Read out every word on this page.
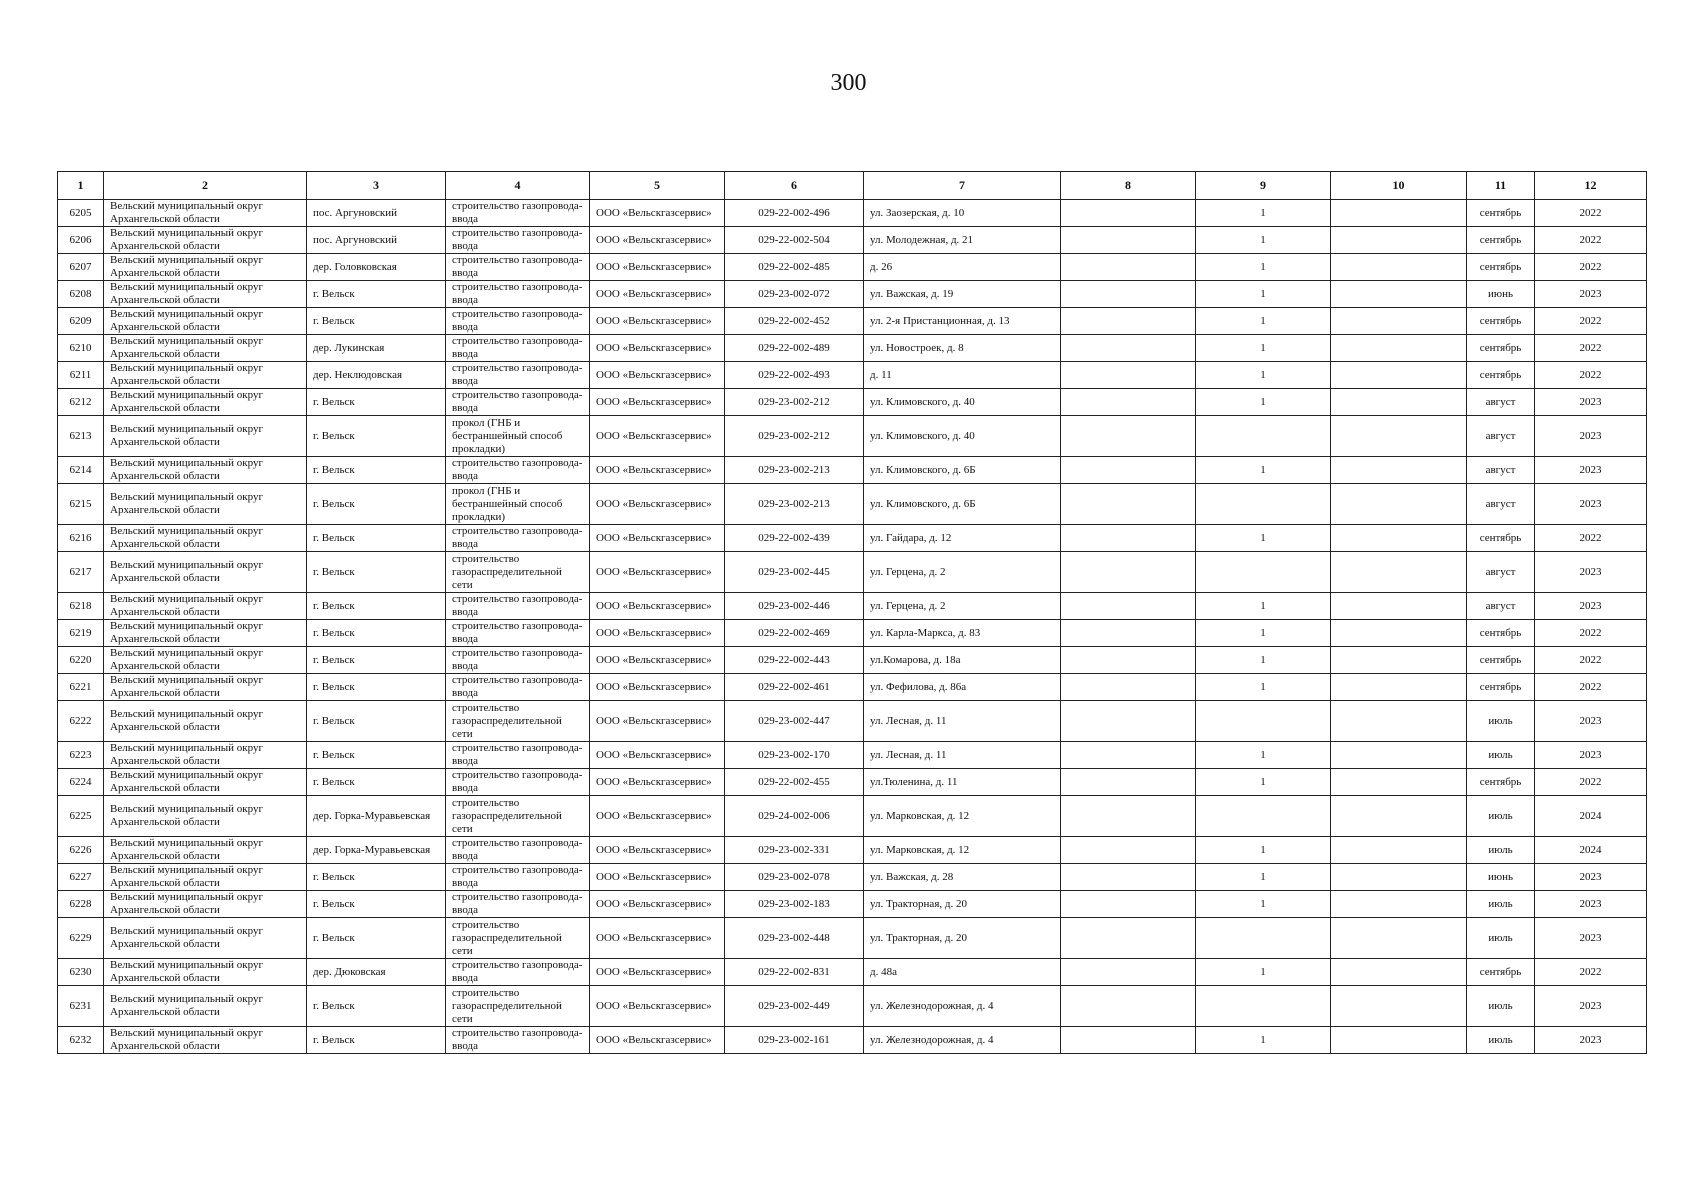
300
1	2	3	4	5	6	7	8	9	10	11	12
6205	Вельский муниципальный округ Архангельской области	пос. Аргуновский	строительство газопровода-ввода	ООО «Вельскгазсервис»	029-22-002-496	ул. Заозерская, д. 10		1		сентябрь	2022
6206	Вельский муниципальный округ Архангельской области	пос. Аргуновский	строительство газопровода-ввода	ООО «Вельскгазсервис»	029-22-002-504	ул. Молодежная, д. 21		1		сентябрь	2022
6207	Вельский муниципальный округ Архангельской области	дер. Головковская	строительство газопровода-ввода	ООО «Вельскгазсервис»	029-22-002-485	д. 26		1		сентябрь	2022
6208	Вельский муниципальный округ Архангельской области	г. Вельск	строительство газопровода-ввода	ООО «Вельскгазсервис»	029-23-002-072	ул. Важская, д. 19		1		июнь	2023
6209	Вельский муниципальный округ Архангельской области	г. Вельск	строительство газопровода-ввода	ООО «Вельскгазсервис»	029-22-002-452	ул. 2-я Пристанционная, д. 13		1		сентябрь	2022
6210	Вельский муниципальный округ Архангельской области	дер. Лукинская	строительство газопровода-ввода	ООО «Вельскгазсервис»	029-22-002-489	ул. Новостроек, д. 8		1		сентябрь	2022
6211	Вельский муниципальный округ Архангельской области	дер. Неклюдовская	строительство газопровода-ввода	ООО «Вельскгазсервис»	029-22-002-493	д. 11		1		сентябрь	2022
6212	Вельский муниципальный округ Архангельской области	г. Вельск	строительство газопровода-ввода	ООО «Вельскгазсервис»	029-23-002-212	ул. Климовского, д. 40		1		август	2023
6213	Вельский муниципальный округ Архангельской области	г. Вельск	прокол (ГНБ и бестраншейный способ прокладки)	ООО «Вельскгазсервис»	029-23-002-212	ул. Климовского, д. 40				август	2023
6214	Вельский муниципальный округ Архангельской области	г. Вельск	строительство газопровода-ввода	ООО «Вельскгазсервис»	029-23-002-213	ул. Климовского, д. 6Б		1		август	2023
6215	Вельский муниципальный округ Архангельской области	г. Вельск	прокол (ГНБ и бестраншейный способ прокладки)	ООО «Вельскгазсервис»	029-23-002-213	ул. Климовского, д. 6Б				август	2023
6216	Вельский муниципальный округ Архангельской области	г. Вельск	строительство газопровода-ввода	ООО «Вельскгазсервис»	029-22-002-439	ул. Гайдара, д. 12		1		сентябрь	2022
6217	Вельский муниципальный округ Архангельской области	г. Вельск	строительство газораспределительной сети	ООО «Вельскгазсервис»	029-23-002-445	ул. Герцена, д. 2				август	2023
6218	Вельский муниципальный округ Архангельской области	г. Вельск	строительство газопровода-ввода	ООО «Вельскгазсервис»	029-23-002-446	ул. Герцена, д. 2		1		август	2023
6219	Вельский муниципальный округ Архангельской области	г. Вельск	строительство газопровода-ввода	ООО «Вельскгазсервис»	029-22-002-469	ул. Карла-Маркса, д. 83		1		сентябрь	2022
6220	Вельский муниципальный округ Архангельской области	г. Вельск	строительство газопровода-ввода	ООО «Вельскгазсервис»	029-22-002-443	ул.Комарова, д. 18а		1		сентябрь	2022
6221	Вельский муниципальный округ Архангельской области	г. Вельск	строительство газопровода-ввода	ООО «Вельскгазсервис»	029-22-002-461	ул. Фефилова, д. 86а		1		сентябрь	2022
6222	Вельский муниципальный округ Архангельской области	г. Вельск	строительство газораспределительной сети	ООО «Вельскгазсервис»	029-23-002-447	ул. Лесная, д. 11				июль	2023
6223	Вельский муниципальный округ Архангельской области	г. Вельск	строительство газопровода-ввода	ООО «Вельскгазсервис»	029-23-002-170	ул. Лесная, д. 11		1		июль	2023
6224	Вельский муниципальный округ Архангельской области	г. Вельск	строительство газопровода-ввода	ООО «Вельскгазсервис»	029-22-002-455	ул.Тюленина, д. 11		1		сентябрь	2022
6225	Вельский муниципальный округ Архангельской области	дер. Горка-Муравьевская	строительство газораспределительной сети	ООО «Вельскгазсервис»	029-24-002-006	ул. Марковская, д. 12				июль	2024
6226	Вельский муниципальный округ Архангельской области	дер. Горка-Муравьевская	строительство газопровода-ввода	ООО «Вельскгазсервис»	029-23-002-331	ул. Марковская, д. 12		1		июль	2024
6227	Вельский муниципальный округ Архангельской области	г. Вельск	строительство газопровода-ввода	ООО «Вельскгазсервис»	029-23-002-078	ул. Важская, д. 28		1		июнь	2023
6228	Вельский муниципальный округ Архангельской области	г. Вельск	строительство газопровода-ввода	ООО «Вельскгазсервис»	029-23-002-183	ул. Тракторная, д. 20		1		июль	2023
6229	Вельский муниципальный округ Архангельской области	г. Вельск	строительство газораспределительной сети	ООО «Вельскгазсервис»	029-23-002-448	ул. Тракторная, д. 20				июль	2023
6230	Вельский муниципальный округ Архангельской области	дер. Дюковская	строительство газопровода-ввода	ООО «Вельскгазсервис»	029-22-002-831	д. 48а		1		сентябрь	2022
6231	Вельский муниципальный округ Архангельской области	г. Вельск	строительство газораспределительной сети	ООО «Вельскгазсервис»	029-23-002-449	ул. Железнодорожная, д. 4				июль	2023
6232	Вельский муниципальный округ Архангельской области	г. Вельск	строительство газопровода-ввода	ООО «Вельскгазсервис»	029-23-002-161	ул. Железнодорожная, д. 4		1		июль	2023
